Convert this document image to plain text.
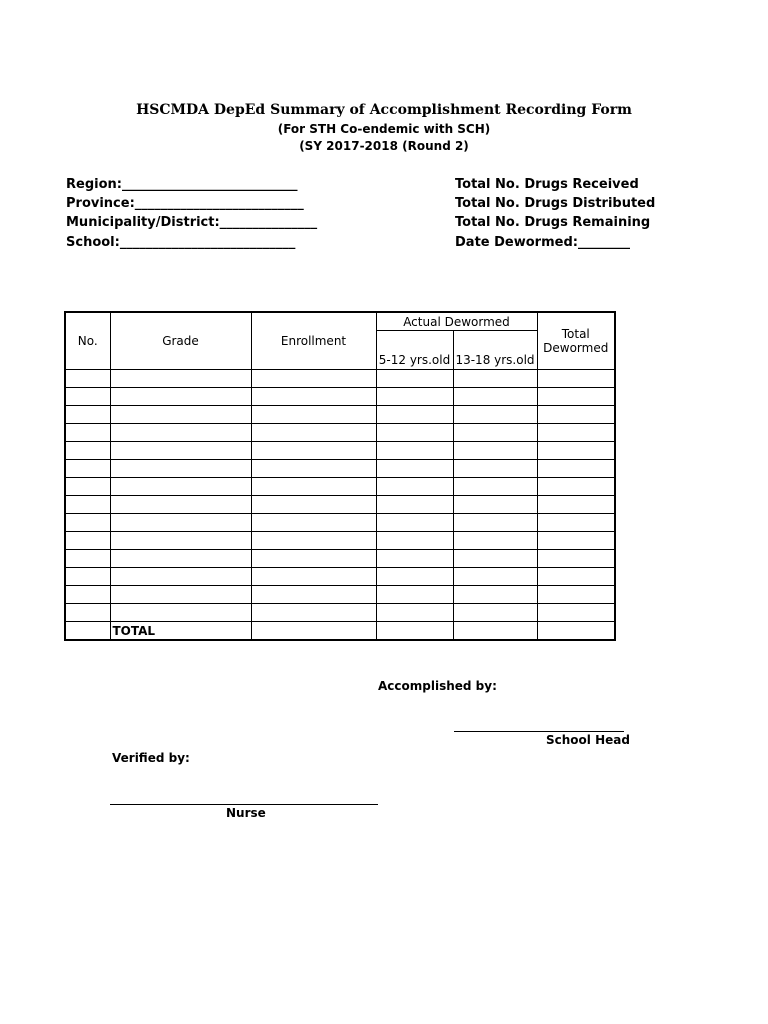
HSCMDA DepEd Summary of Accomplishment Recording Form
(For STH Co-endemic with SCH)
(SY 2017-2018 (Round 2)
Region:___________________________
Province:__________________________
Municipality/District:_______________
School:___________________________
Total No. Drugs Received
Total No. Drugs Distributed
Total No. Drugs Remaining
Date Dewormed:________
No.	Grade	Enrollment	Actual Dewormed		Total
Dewormed
			5-12 yrs.old	13-18 yrs.old	

	TOTAL				
Accomplished by:
School Head
Verified by:
Nurse
